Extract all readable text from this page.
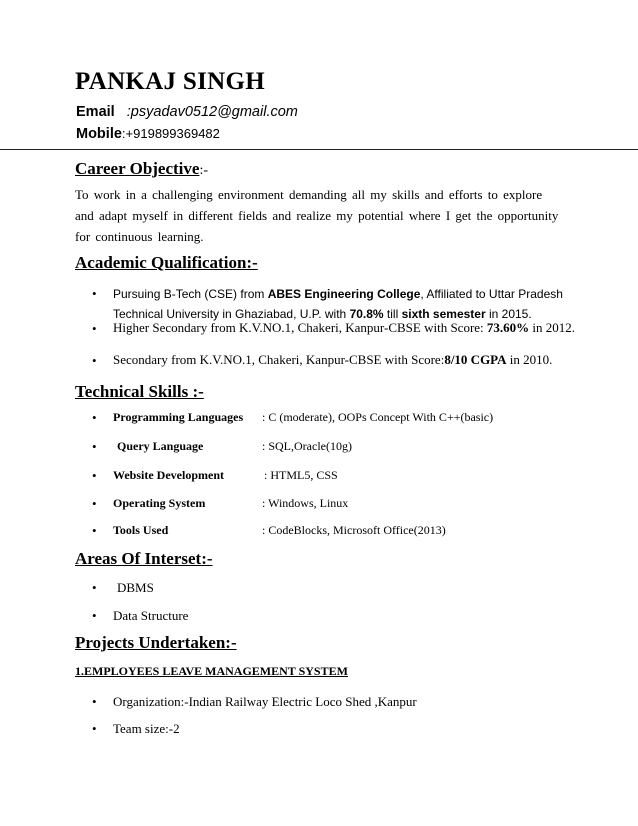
PANKAJ SINGH
Email :psyadav0512@gmail.com
Mobile:+919899369482
Career Objective:-
To work in a challenging environment demanding all my skills and efforts to explore and adapt myself in different fields and realize my potential where I get the opportunity for continuous learning.
Academic Qualification:-
• Pursuing B-Tech (CSE) from ABES Engineering College, Affiliated to Uttar Pradesh Technical University in Ghaziabad, U.P. with 70.8% till sixth semester in 2015.
• Higher Secondary from K.V.NO.1, Chakeri, Kanpur-CBSE with Score: 73.60% in 2012.
• Secondary from K.V.NO.1, Chakeri, Kanpur-CBSE with Score:8/10 CGPA in 2010.
Technical Skills :-
• Programming Languages : C (moderate), OOPs Concept With C++(basic)
• Query Language	: SQL,Oracle(10g)
• Website Development	: HTML5, CSS
• Operating System	: Windows, Linux
• Tools Used	: CodeBlocks, Microsoft Office(2013)
Areas Of Interset:-
• DBMS
• Data Structure
Projects Undertaken:-
1.EMPLOYEES LEAVE MANAGEMENT SYSTEM
• Organization:-Indian Railway Electric Loco Shed ,Kanpur
• Team size:-2
